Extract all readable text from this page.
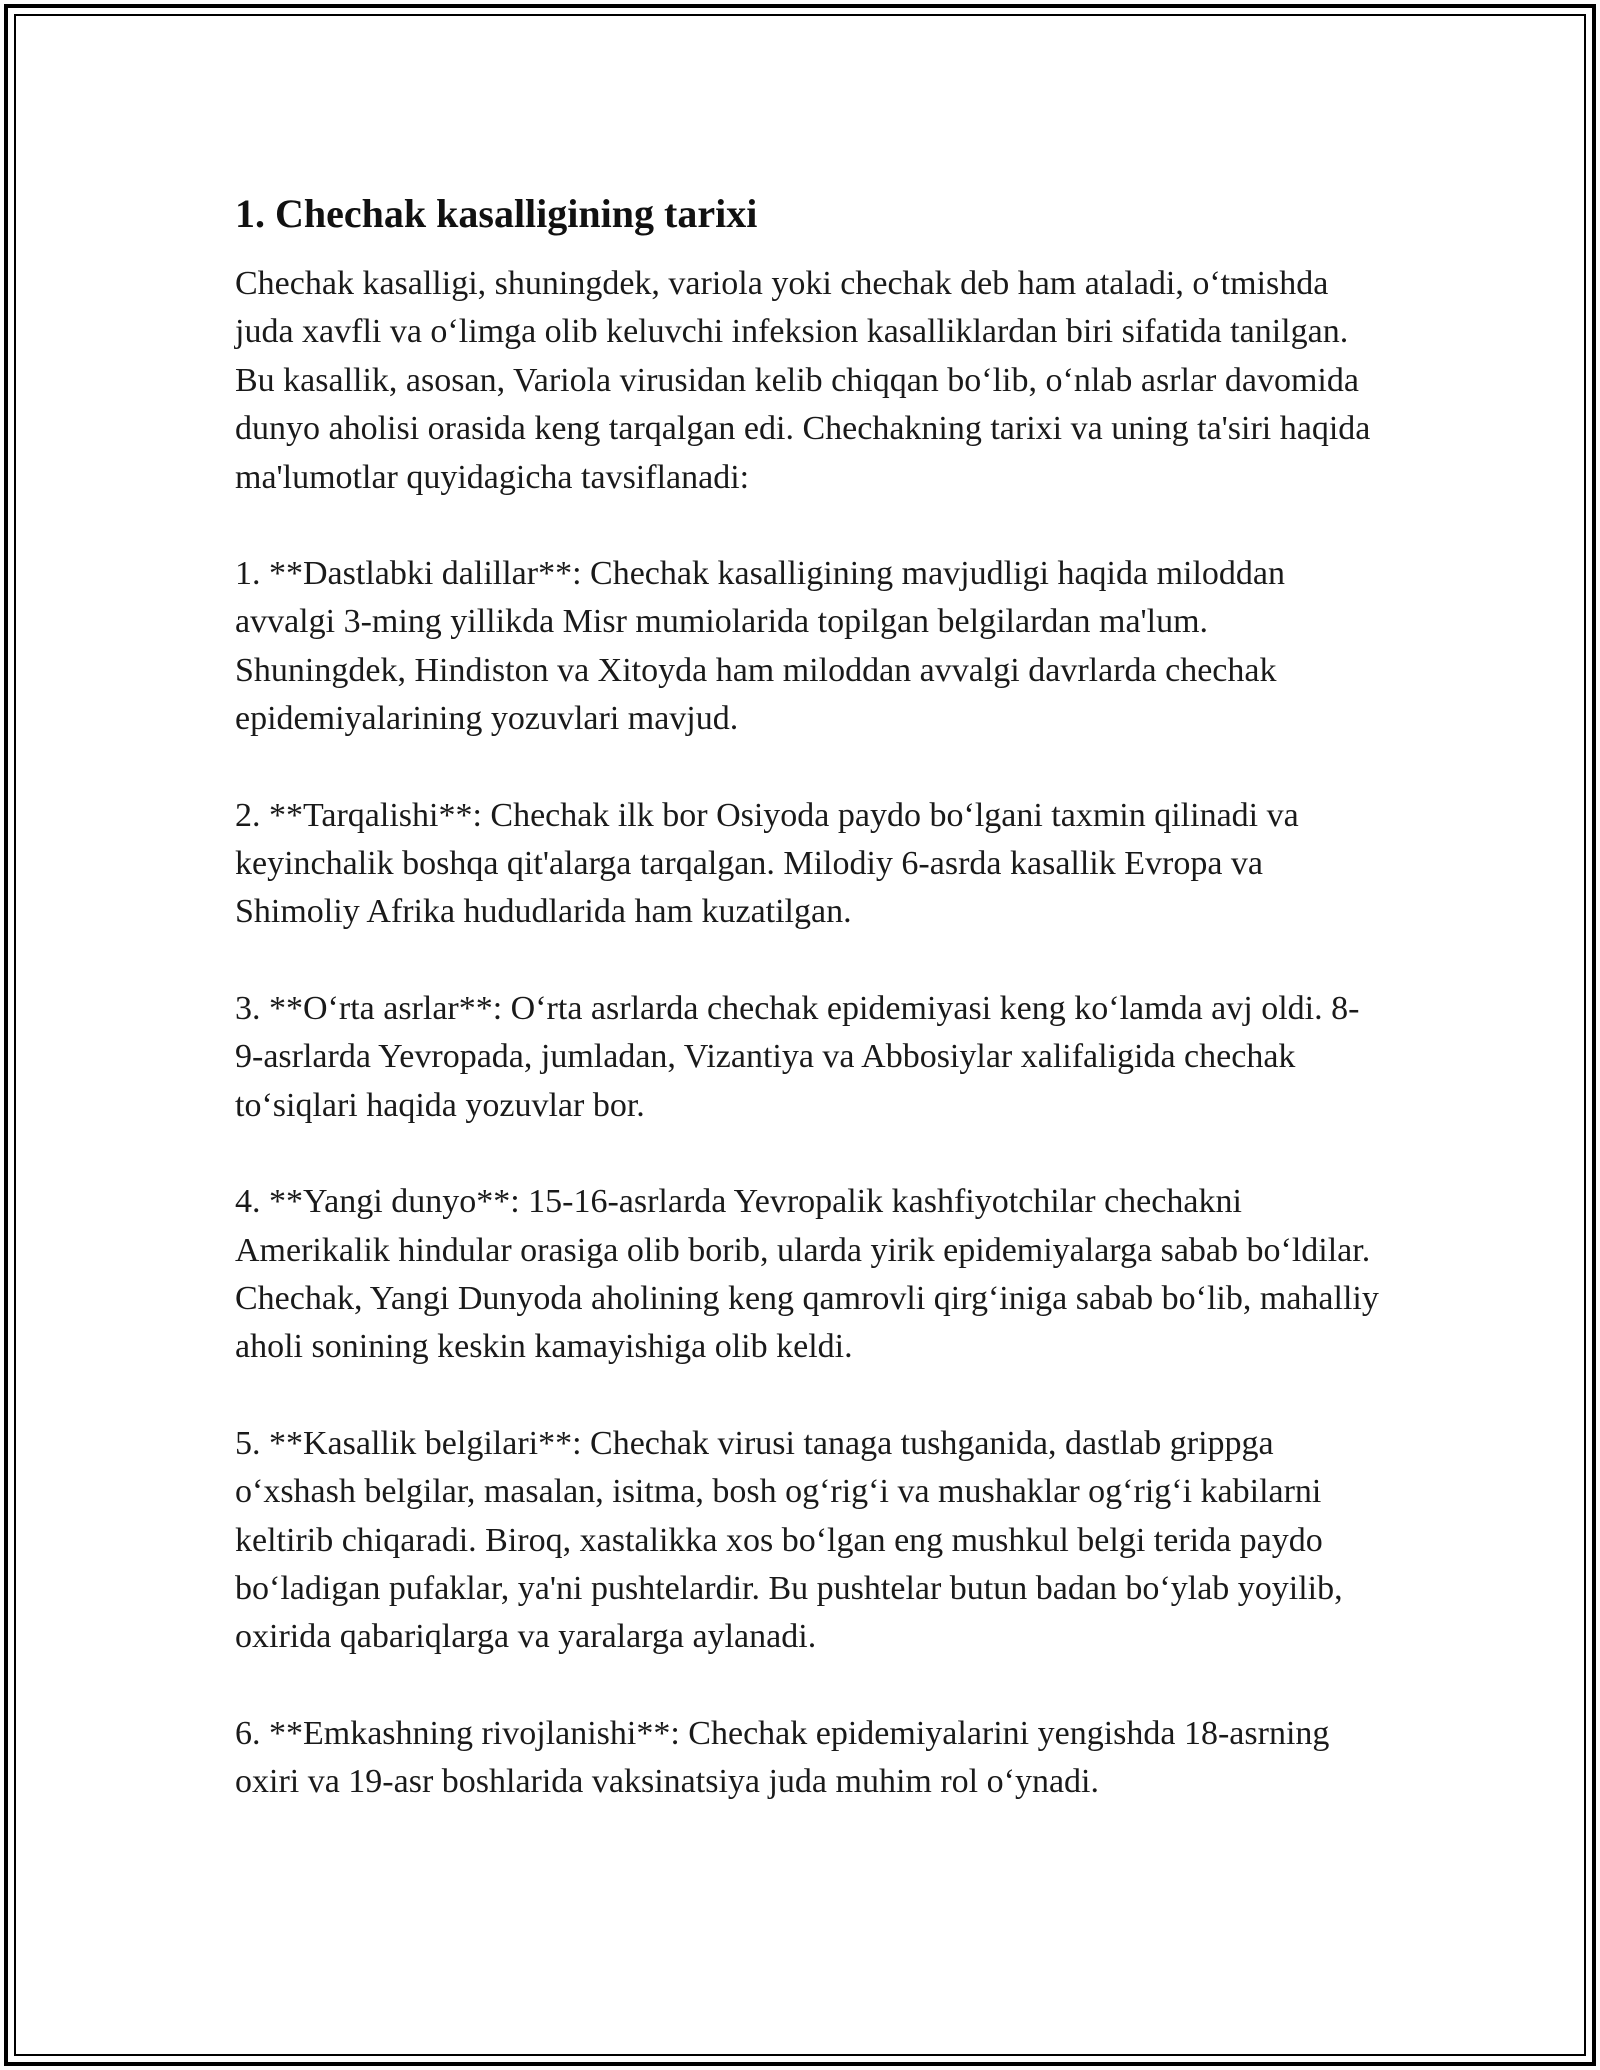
1. Chechak kasalligining tarixi

Chechak kasalligi, shuningdek, variola yoki chechak deb ham ataladi, o‘tmishda juda xavfli va o‘limga olib keluvchi infeksion kasalliklardan biri sifatida tanilgan. Bu kasallik, asosan, Variola virusidan kelib chiqqan bo‘lib, o‘nlab asrlar davomida dunyo aholisi orasida keng tarqalgan edi. Chechakning tarixi va uning ta'siri haqida ma'lumotlar quyidagicha tavsiflanadi:

1. **Dastlabki dalillar**: Chechak kasalligining mavjudligi haqida miloddan avvalgi 3-ming yillikda Misr mumiolarida topilgan belgilardan ma'lum. Shuningdek, Hindiston va Xitoyda ham miloddan avvalgi davrlarda chechak epidemiyalarining yozuvlari mavjud.

2. **Tarqalishi**: Chechak ilk bor Osiyoda paydo bo‘lgani taxmin qilinadi va keyinchalik boshqa qit'alarga tarqalgan. Milodiy 6-asrda kasallik Evropa va Shimoliy Afrika hududlarida ham kuzatilgan.

3. **O‘rta asrlar**: O‘rta asrlarda chechak epidemiyasi keng ko‘lamda avj oldi. 8-9-asrlarda Yevropada, jumladan, Vizantiya va Abbosiylar xalifaligida chechak to‘siqlari haqida yozuvlar bor.

4. **Yangi dunyo**: 15-16-asrlarda Yevropalik kashfiyotchilar chechakni Amerikalik hindular orasiga olib borib, ularda yirik epidemiyalarga sabab bo‘ldilar. Chechak, Yangi Dunyoda aholining keng qamrovli qirg‘iniga sabab bo‘lib, mahalliy aholi sonining keskin kamayishiga olib keldi.

5. **Kasallik belgilari**: Chechak virusi tanaga tushganida, dastlab grippga o‘xshash belgilar, masalan, isitma, bosh og‘rig‘i va mushaklar og‘rig‘i kabilarni keltirib chiqaradi. Biroq, xastalikka xos bo‘lgan eng mushkul belgi terida paydo bo‘ladigan pufaklar, ya'ni pushtelardir. Bu pushtelar butun badan bo‘ylab yoyilib, oxirida qabariqlarga va yaralarga aylanadi.

6. **Emkashning rivojlanishi**: Chechak epidemiyalarini yengishda 18-asrning oxiri va 19-asr boshlarida vaksinatsiya juda muhim rol o‘ynadi.
